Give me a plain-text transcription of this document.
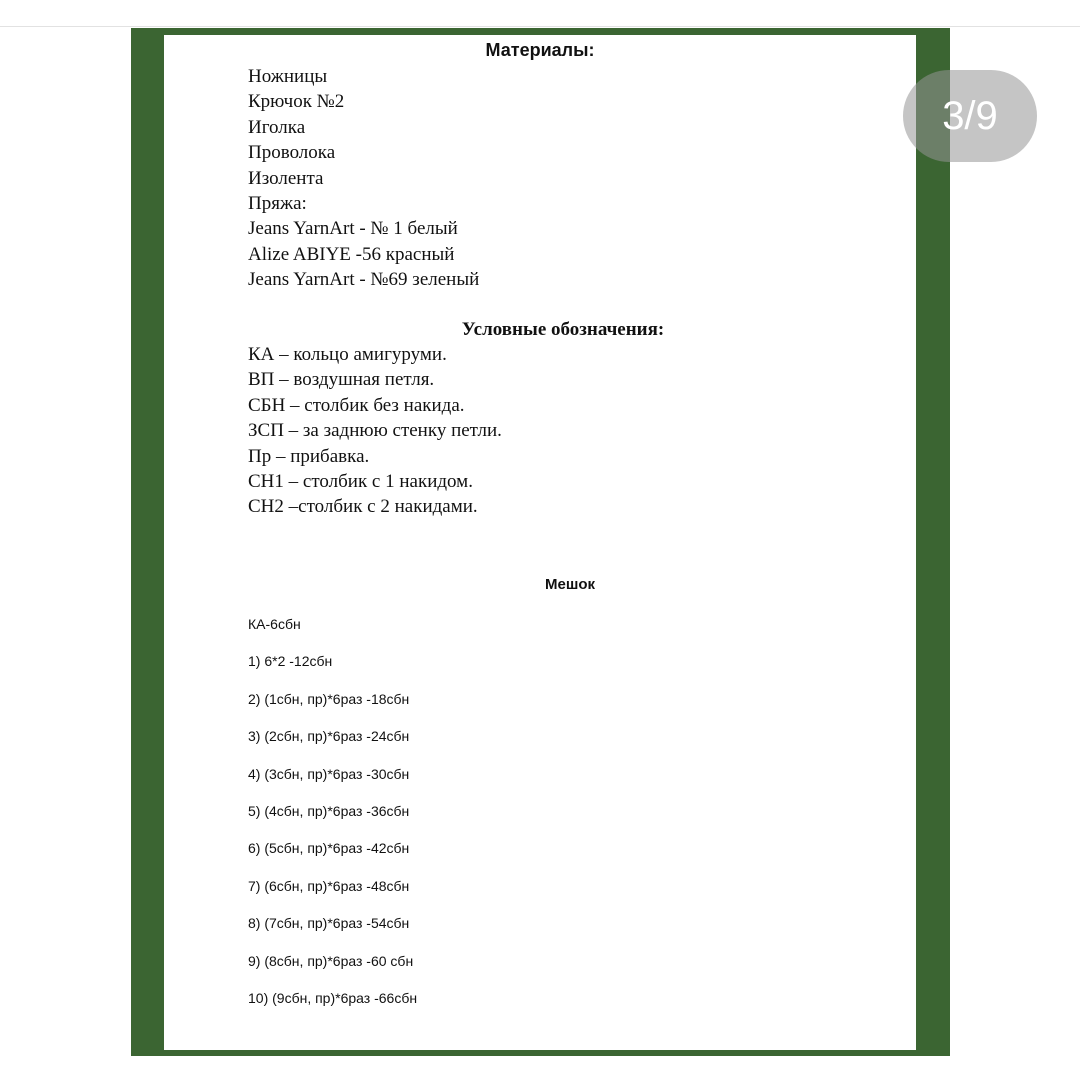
Материалы:
Ножницы
Крючок №2
Иголка
Проволока
Изолента
Пряжа:
Jeans YarnArt - № 1 белый
Alize ABIYE -56 красный
Jeans YarnArt - №69 зеленый
Условные обозначения:
КА – кольцо амигуруми.
ВП – воздушная петля.
СБН – столбик без накида.
ЗСП – за заднюю стенку петли.
Пр – прибавка.
СН1 – столбик с 1 накидом.
СН2 –столбик с 2 накидами.
Мешок
КА-6сбн
1) 6*2 -12сбн
2) (1сбн, пр)*6раз -18сбн
3) (2сбн, пр)*6раз -24сбн
4) (3сбн, пр)*6раз -30сбн
5) (4сбн, пр)*6раз -36сбн
6) (5сбн, пр)*6раз -42сбн
7) (6сбн, пр)*6раз -48сбн
8) (7сбн, пр)*6раз -54сбн
9) (8сбн, пр)*6раз -60 сбн
10) (9сбн, пр)*6раз -66сбн
3/9
